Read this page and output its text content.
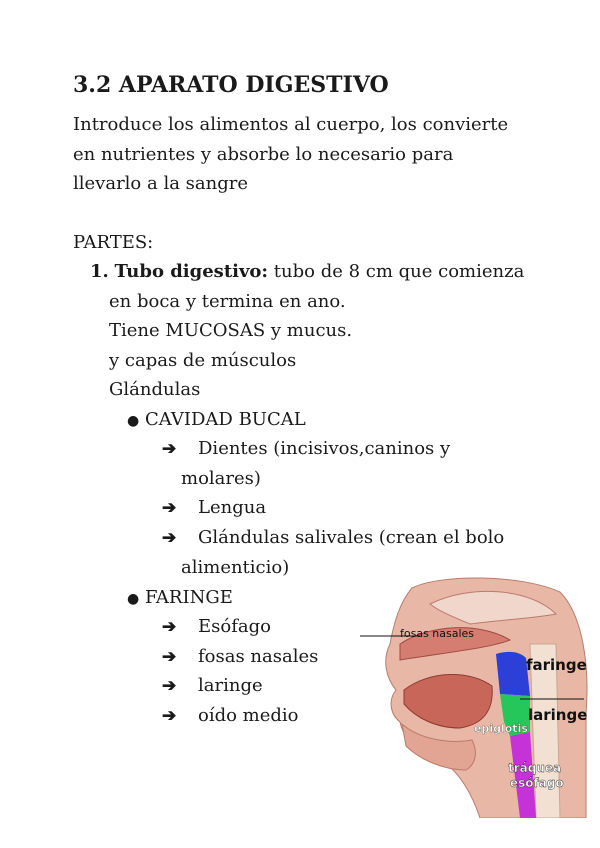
3.2 APARATO DIGESTIVO
Introduce los alimentos al cuerpo, los convierte
en nutrientes y absorbe lo necesario para
llevarlo a la sangre
PARTES:
1. Tubo digestivo: tubo de 8 cm que comienza
en boca y termina en ano.
Tiene MUCOSAS y mucus.
y capas de músculos
Glándulas
● CAVIDAD BUCAL
➔ Dientes (incisivos,caninos y
molares)
➔ Lengua
➔ Glándulas salivales (crean el bolo
alimenticio)
● FARINGE
➔ Esófago
➔ fosas nasales
➔ laringe
➔ oído medio
fosas nasales
faringe
laringe
epiglotis
tráquea
esófago
